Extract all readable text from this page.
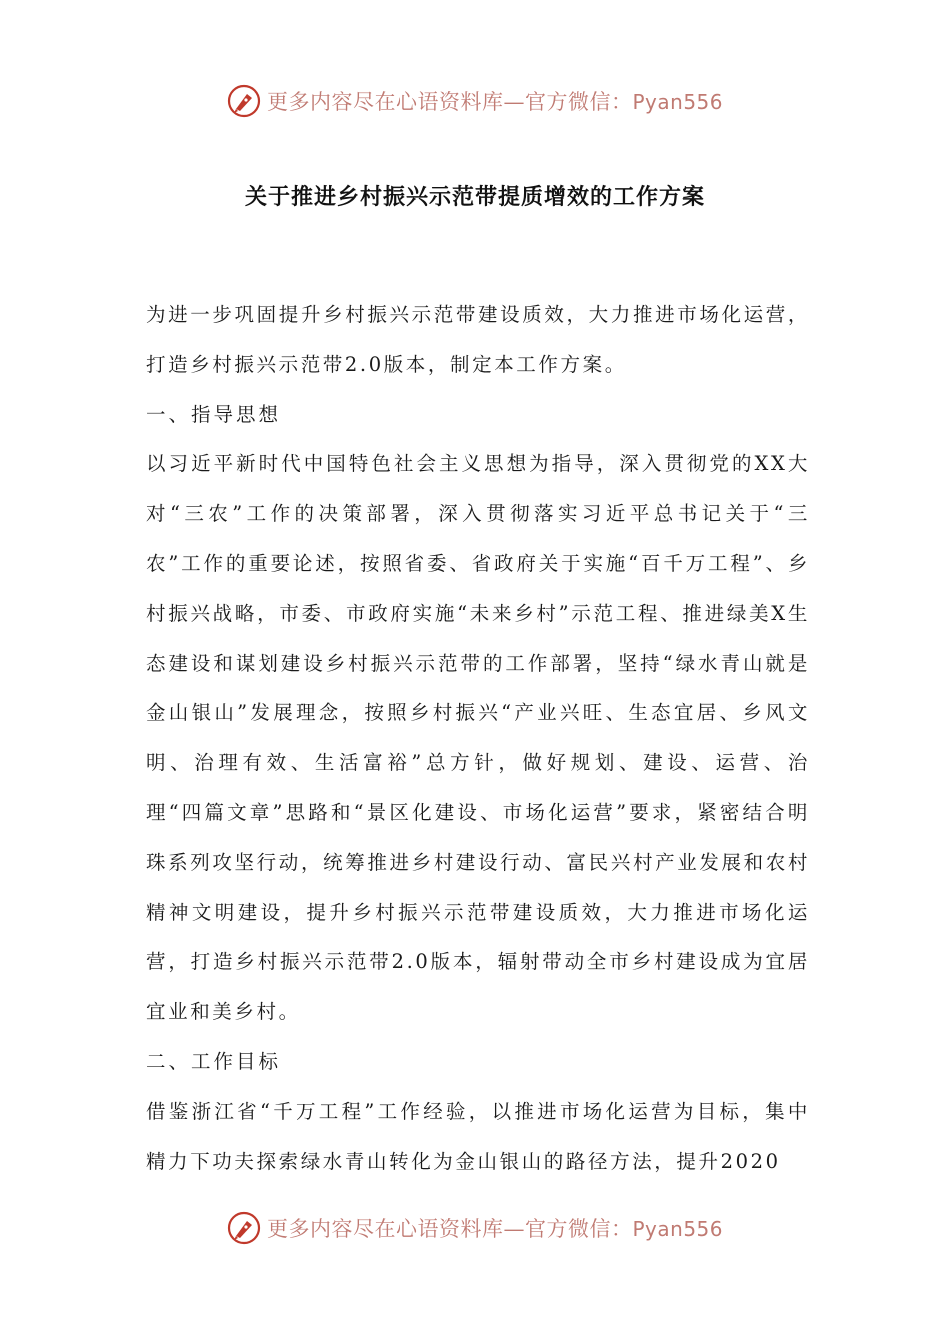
更多内容尽在心语资料库—官方微信：Pyan556
关于推进乡村振兴示范带提质增效的工作方案

为进一步巩固提升乡村振兴示范带建设质效，大力推进市场化运营，打造乡村振兴示范带2.0版本，制定本工作方案。

一、指导思想

以习近平新时代中国特色社会主义思想为指导，深入贯彻党的XX大对“三农”工作的决策部署，深入贯彻落实习近平总书记关于“三农”工作的重要论述，按照省委、省政府关于实施“百千万工程”、乡村振兴战略，市委、市政府实施“未来乡村”示范工程、推进绿美X生态建设和谋划建设乡村振兴示范带的工作部署，坚持“绿水青山就是金山银山”发展理念，按照乡村振兴“产业兴旺、生态宜居、乡风文明、治理有效、生活富裕”总方针，做好规划、建设、运营、治理“四篇文章”思路和“景区化建设、市场化运营”要求，紧密结合明珠系列攻坚行动，统筹推进乡村建设行动、富民兴村产业发展和农村精神文明建设，提升乡村振兴示范带建设质效，大力推进市场化运营，打造乡村振兴示范带2.0版本，辐射带动全市乡村建设成为宜居宜业和美乡村。

二、工作目标

借鉴浙江省“千万工程”工作经验，以推进市场化运营为目标，集中精力下功夫探索绿水青山转化为金山银山的路径方法，提升2020

更多内容尽在心语资料库—官方微信：Pyan556
